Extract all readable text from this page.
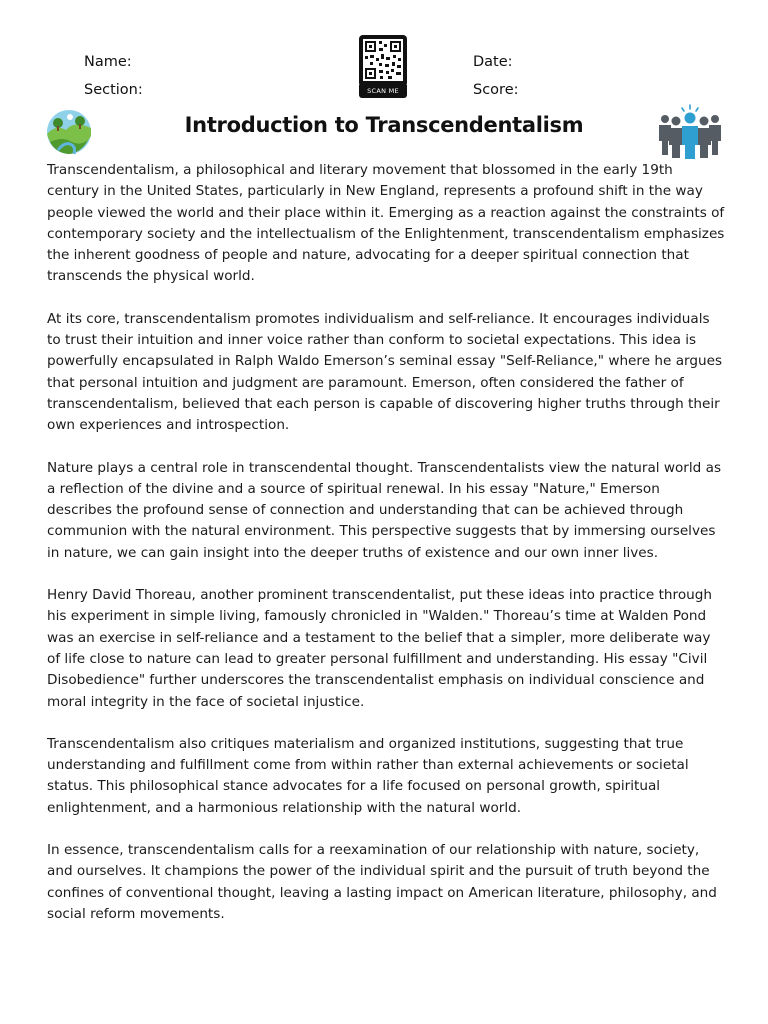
Name:
Section:
Date:
Score:
SCAN ME
Introduction to Transcendentalism

Transcendentalism, a philosophical and literary movement that blossomed in the early 19th century in the United States, particularly in New England, represents a profound shift in the way people viewed the world and their place within it. Emerging as a reaction against the constraints of contemporary society and the intellectualism of the Enlightenment, transcendentalism emphasizes the inherent goodness of people and nature, advocating for a deeper spiritual connection that transcends the physical world.

At its core, transcendentalism promotes individualism and self-reliance. It encourages individuals to trust their intuition and inner voice rather than conform to societal expectations. This idea is powerfully encapsulated in Ralph Waldo Emerson’s seminal essay "Self-Reliance," where he argues that personal intuition and judgment are paramount. Emerson, often considered the father of transcendentalism, believed that each person is capable of discovering higher truths through their own experiences and introspection.

Nature plays a central role in transcendental thought. Transcendentalists view the natural world as a reflection of the divine and a source of spiritual renewal. In his essay "Nature," Emerson describes the profound sense of connection and understanding that can be achieved through communion with the natural environment. This perspective suggests that by immersing ourselves in nature, we can gain insight into the deeper truths of existence and our own inner lives.

Henry David Thoreau, another prominent transcendentalist, put these ideas into practice through his experiment in simple living, famously chronicled in "Walden." Thoreau’s time at Walden Pond was an exercise in self-reliance and a testament to the belief that a simpler, more deliberate way of life close to nature can lead to greater personal fulfillment and understanding. His essay "Civil Disobedience" further underscores the transcendentalist emphasis on individual conscience and moral integrity in the face of societal injustice.

Transcendentalism also critiques materialism and organized institutions, suggesting that true understanding and fulfillment come from within rather than external achievements or societal status. This philosophical stance advocates for a life focused on personal growth, spiritual enlightenment, and a harmonious relationship with the natural world.

In essence, transcendentalism calls for a reexamination of our relationship with nature, society, and ourselves. It champions the power of the individual spirit and the pursuit of truth beyond the confines of conventional thought, leaving a lasting impact on American literature, philosophy, and social reform movements.
